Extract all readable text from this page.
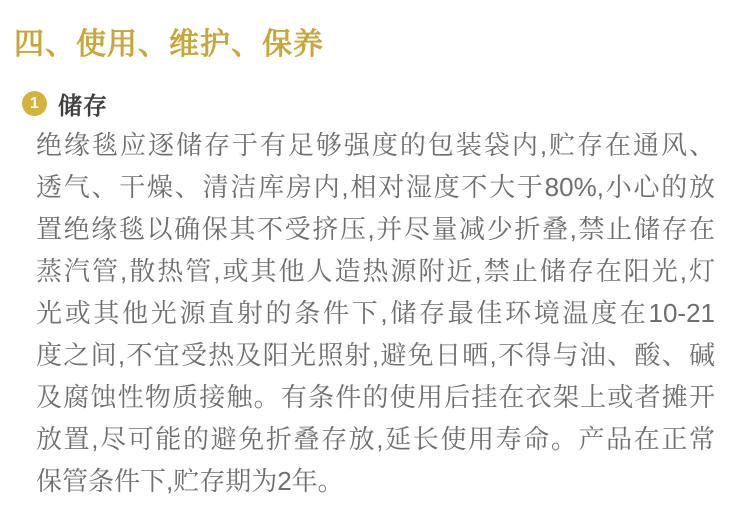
四、使用、维护、保养
1 储存
绝缘毯应逐储存于有足够强度的包装袋内,贮存在通风、
透气、干燥、清洁库房内,相对湿度不大于80%,小心的放
置绝缘毯以确保其不受挤压,并尽量减少折叠,禁止储存在
蒸汽管,散热管,或其他人造热源附近,禁止储存在阳光,灯
光或其他光源直射的条件下,储存最佳环境温度在10-21
度之间,不宜受热及阳光照射,避免日晒,不得与油、酸、碱
及腐蚀性物质接触。有条件的使用后挂在衣架上或者摊开
放置,尽可能的避免折叠存放,延长使用寿命。产品在正常
保管条件下,贮存期为2年。
